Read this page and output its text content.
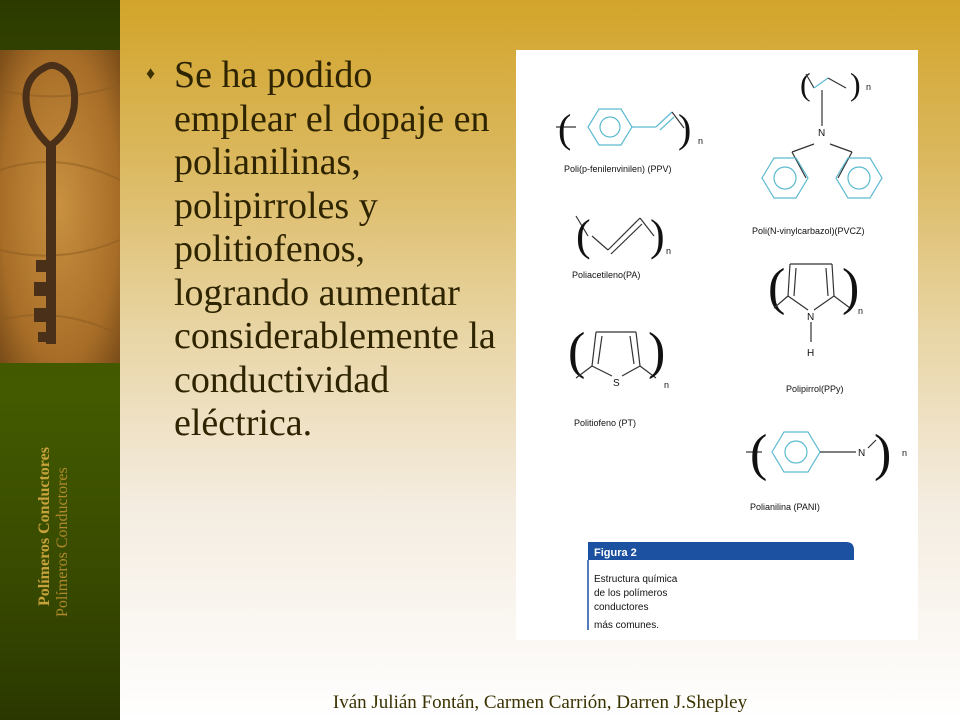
Polímeros Conductores Polímeros Conductores
♦ Se ha podido emplear el dopaje en polianilinas, polipirroles y politiofenos, logrando aumentar considerablemente la conductividad eléctrica.

(	) n
Poli(p-fenilenvinilen) (PPV)
( ) n
N
Poli(N-vinylcarbazol)(PVCZ)
( ) n
Poliacetileno(PA) ( )
n
N
H
Polipirrol(PPy)
( )
S	n
Politiofeno (PT)
( )
N	n
Polianilina (PANI)
Figura 2
Estructura química
de los polímeros
conductores
más comunes.
Iván Julián Fontán, Carmen Carrión, Darren J.Shepley
